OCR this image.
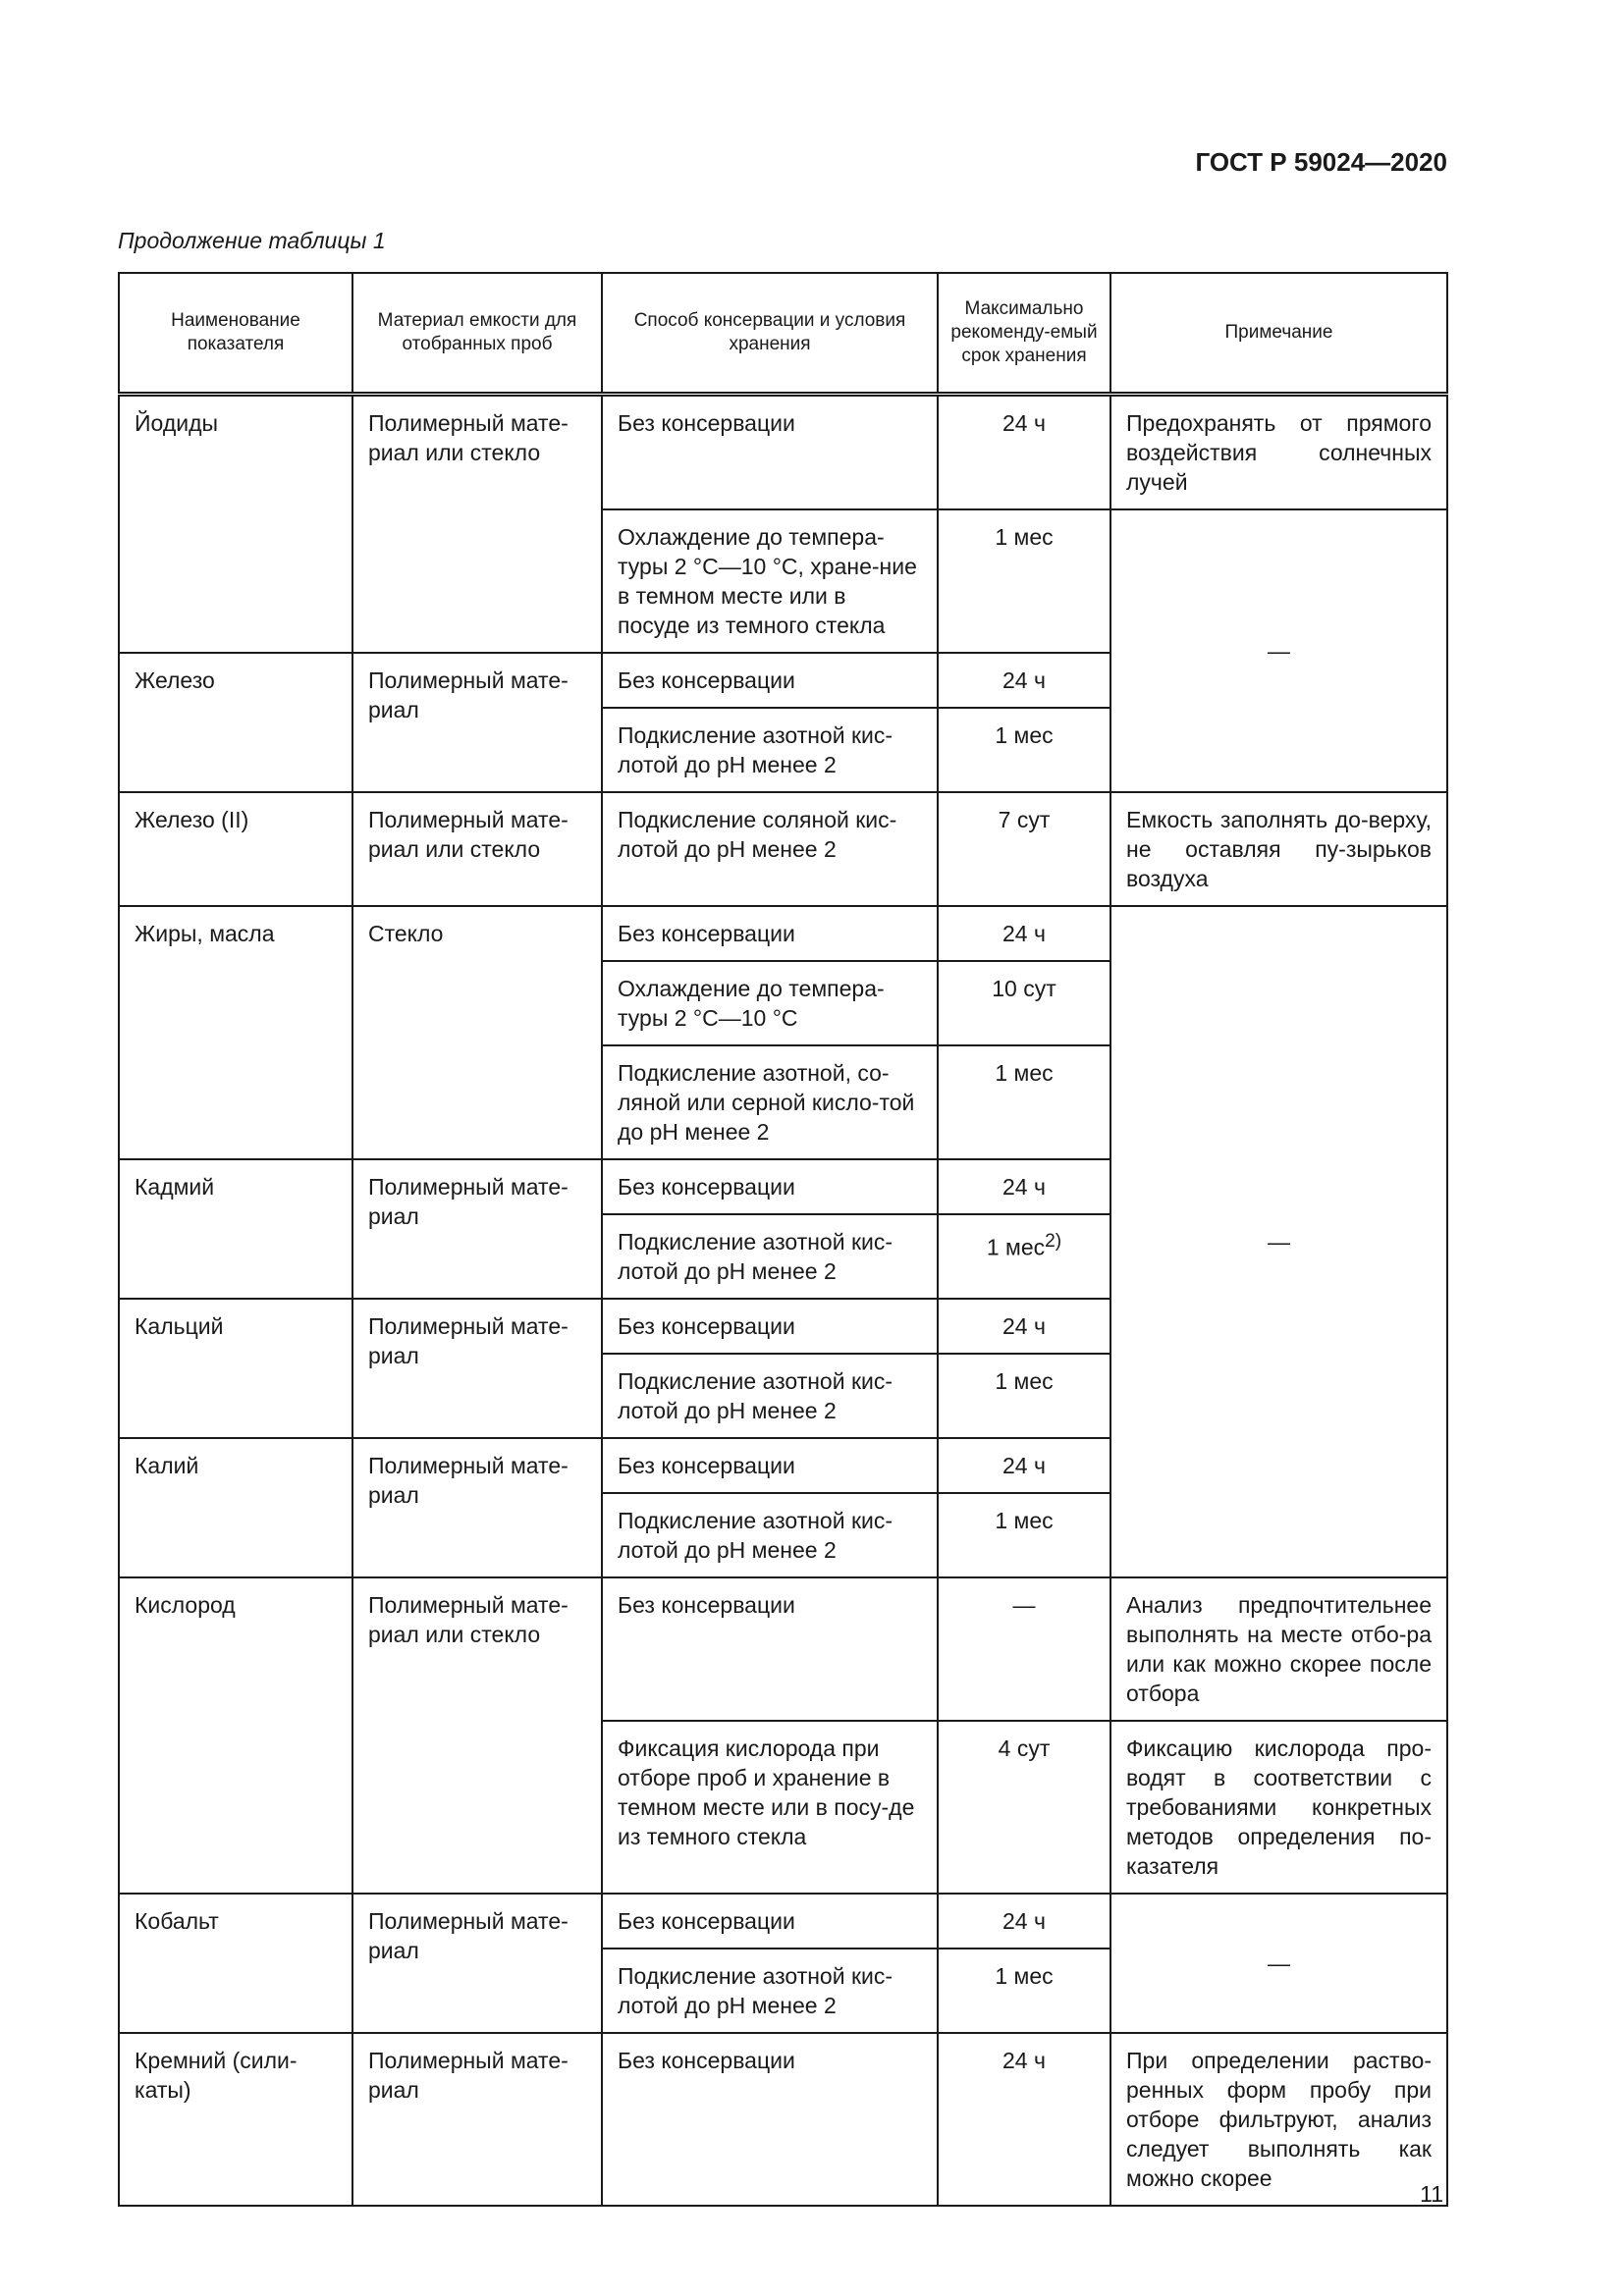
ГОСТ Р 59024—2020
Продолжение таблицы 1
Наименование показателя	Материал емкости для отобранных проб	Способ консервации и условия хранения	Максимально рекоменду-емый срок хранения	Примечание
Йодиды	Полимерный мате-риал или стекло	Без консервации	24 ч	Предохранять от прямого воздействия солнечных лучей
		Охлаждение до темпера-туры 2 °С—10 °С, хране-ние в темном месте или в посуде из темного стекла	1 мес	—
Железо	Полимерный мате-риал	Без консервации	24 ч	
		Подкисление азотной кис-лотой до pH менее 2	1 мес	
Железо (II)	Полимерный мате-риал или стекло	Подкисление соляной кис-лотой до pH менее 2	7 сут	Емкость заполнять до-верху, не оставляя пу-зырьков воздуха
Жиры, масла	Стекло	Без консервации	24 ч	—
		Охлаждение до темпера-туры 2 °С—10 °С	10 сут	
		Подкисление азотной, со-ляной или серной кисло-той до pH менее 2	1 мес	
Кадмий	Полимерный мате-риал	Без консервации	24 ч	
		Подкисление азотной кис-лотой до pH менее 2	1 мес$^{2)}$
Кальций	Полимерный мате-риал	Без консервации	24 ч	
		Подкисление азотной кис-лотой до pH менее 2	1 мес	
Калий	Полимерный мате-риал	Без консервации	24 ч	
		Подкисление азотной кис-лотой до pH менее 2	1 мес	
Кислород	Полимерный мате-риал или стекло	Без консервации	—	Анализ предпочтительнее выполнять на месте отбо-ра или как можно скорее после отбора
		Фиксация кислорода при отборе проб и хранение в темном месте или в посу-де из темного стекла	4 сут	Фиксацию кислорода про-водят в соответствии с требованиями конкретных методов определения по-казателя
Кобальт	Полимерный мате-риал	Без консервации	24 ч	—
		Подкисление азотной кис-лотой до pH менее 2	1 мес	
Кремний (сили-каты)	Полимерный мате-риал	Без консервации	24 ч	При определении раство-ренных форм пробу при отборе фильтруют, анализ следует выполнять как можно скорее
11
